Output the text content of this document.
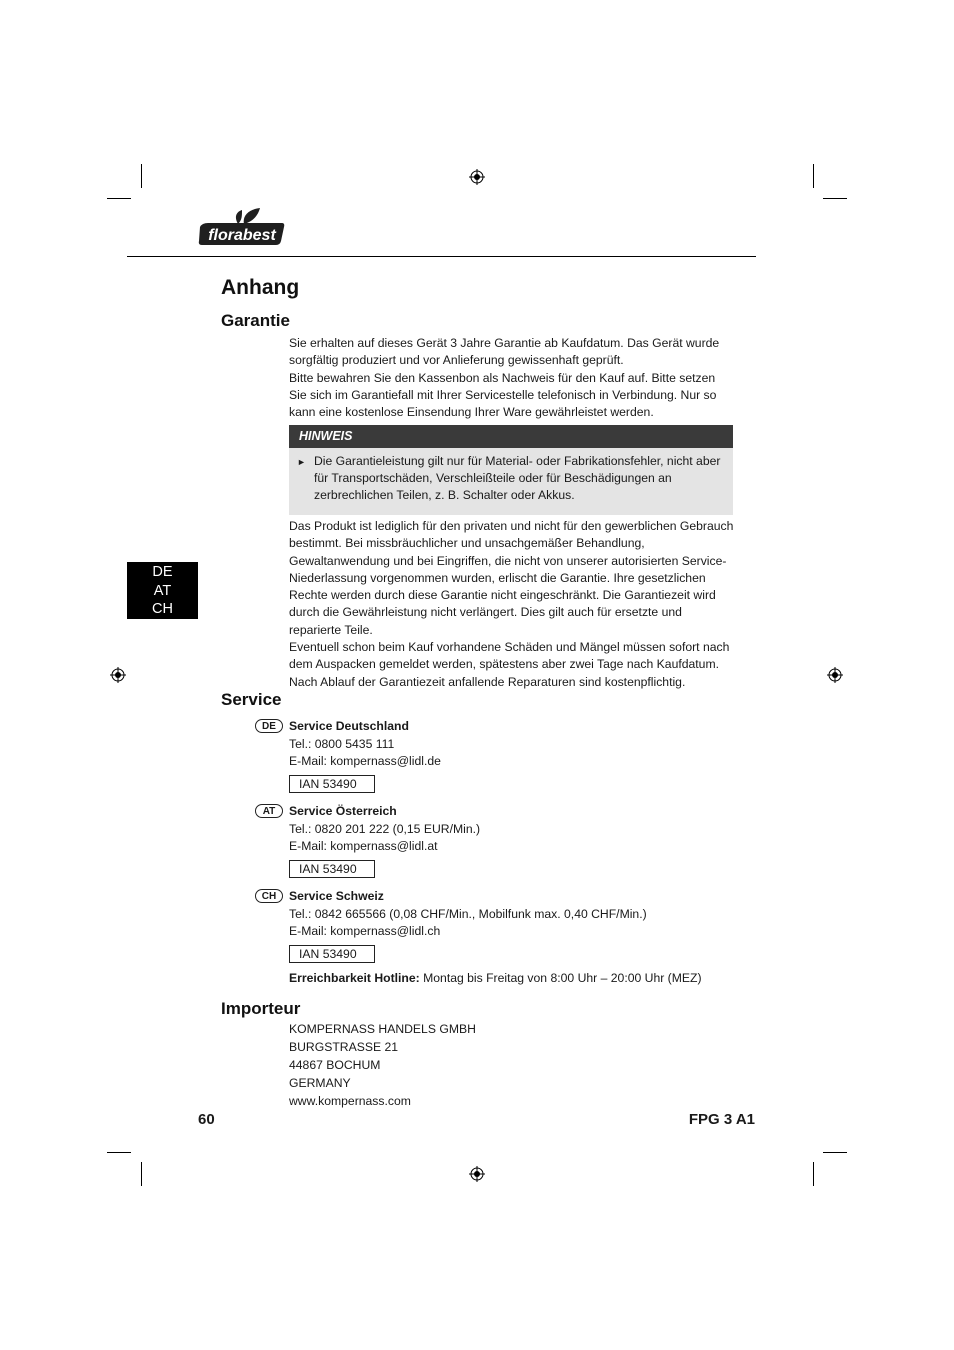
florabest
Anhang
Garantie
Sie erhalten auf dieses Gerät 3 Jahre Garantie ab Kaufdatum. Das Gerät wurde sorgfältig produziert und vor Anlieferung gewissenhaft geprüft.
Bitte bewahren Sie den Kassenbon als Nachweis für den Kauf auf. Bitte setzen Sie sich im Garantiefall mit Ihrer Servicestelle telefonisch in Verbindung. Nur so kann eine kostenlose Einsendung Ihrer Ware gewährleistet werden.
HINWEIS
► Die Garantieleistung gilt nur für Material- oder Fabrikationsfehler, nicht aber für Transportschäden, Verschleißteile oder für Beschädigungen an zerbrechlichen Teilen, z. B. Schalter oder Akkus.
Das Produkt ist lediglich für den privaten und nicht für den gewerblichen Gebrauch bestimmt. Bei missbräuchlicher und unsachgemäßer Behandlung, Gewaltanwendung und bei Eingriffen, die nicht von unserer autorisierten Service-Niederlassung vorgenommen wurden, erlischt die Garantie. Ihre gesetzlichen Rechte werden durch diese Garantie nicht eingeschränkt. Die Garantiezeit wird durch die Gewährleistung nicht verlängert. Dies gilt auch für ersetzte und reparierte Teile.
Eventuell schon beim Kauf vorhandene Schäden und Mängel müssen sofort nach dem Auspacken gemeldet werden, spätestens aber zwei Tage nach Kaufdatum.
Nach Ablauf der Garantiezeit anfallende Reparaturen sind kostenpflichtig.
DE
AT
CH
Service
DE	Service Deutschland
Tel.: 0800 5435 111
E-Mail: kompernass@lidl.de
IAN 53490
AT	Service Österreich
Tel.: 0820 201 222 (0,15 EUR/Min.)
E-Mail: kompernass@lidl.at
IAN 53490
CH	Service Schweiz
Tel.: 0842 665566 (0,08 CHF/Min., Mobilfunk max. 0,40 CHF/Min.)
E-Mail: kompernass@lidl.ch
IAN 53490
Erreichbarkeit Hotline: Montag bis Freitag von 8:00 Uhr – 20:00 Uhr (MEZ)
Importeur
KOMPERNASS HANDELS GMBH
BURGSTRASSE 21
44867 BOCHUM
GERMANY
www.kompernass.com
60	FPG 3 A1
